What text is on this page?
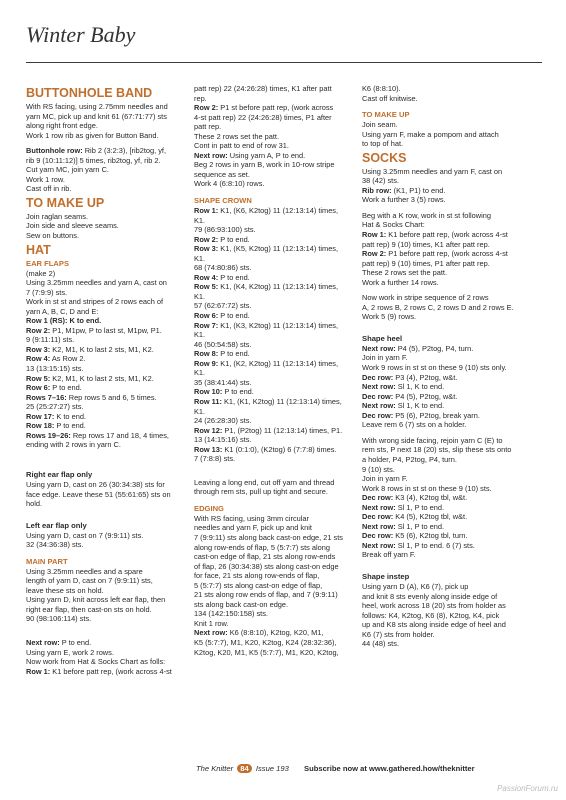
Winter Baby
BUTTONHOLE BAND
With RS facing, using 2.75mm needles and
yarn MC, pick up and knit 61 (67:71:77) sts
along right front edge.
Work 1 row rib as given for Button Band.
Buttonhole row: Rib 2 (3:2:3), [rib2tog, yf,
rib 9 (10:11:12)] 5 times, rib2tog, yf, rib 2.
Cut yarn MC, join yarn C.
Work 1 row.
Cast off in rib.
TO MAKE UP
Join raglan seams.
Join side and sleeve seams.
Sew on buttons.
HAT
EAR FLAPS
(make 2)
Using 3.25mm needles and yarn A, cast on
7 (7:9:9) sts.
Work in st st and stripes of 2 rows each of
yarn A, B, C, D and E:
Row 1 (RS): K to end.
Row 2: P1, M1pw, P to last st, M1pw, P1.
9 (9:11:11) sts.
Row 3: K2, M1, K to last 2 sts, M1, K2.
Row 4: As Row 2.
13 (13:15:15) sts.
Row 5: K2, M1, K to last 2 sts, M1, K2.
Row 6: P to end.
Rows 7–16: Rep rows 5 and 6, 5 times.
25 (25:27:27) sts.
Row 17: K to end.
Row 18: P to end.
Rows 19–26: Rep rows 17 and 18, 4 times,
ending with 2 rows in yarn C.
Right ear flap only
Using yarn D, cast on 26 (30:34:38) sts for
face edge. Leave these 51 (55:61:65) sts on
hold.
Left ear flap only
Using yarn D, cast on 7 (9:9:11) sts.
32 (34:36:38) sts.
MAIN PART
Using 3.25mm needles and a spare
length of yarn D, cast on 7 (9:9:11) sts,
leave these sts on hold.
Using yarn D, knit across left ear flap, then
right ear flap, then cast-on sts on hold.
90 (98:106:114) sts.
Next row: P to end.
Using yarn E, work 2 rows.
Now work from Hat & Socks Chart as folls:
Row 1: K1 before patt rep, (work across 4-st
patt rep) 22 (24:26:28) times, K1 after patt
rep.
Row 2: P1 st before patt rep, (work across
4-st patt rep) 22 (24:26:28) times, P1 after
patt rep.
These 2 rows set the patt.
Cont in patt to end of row 31.
Next row: Using yarn A, P to end.
Beg 2 rows in yarn B, work in 10-row stripe
sequence as set.
Work 4 (6:8:10) rows.
SHAPE CROWN
Row 1: K1, (K6, K2tog) 11 (12:13:14) times,
K1.
79 (86:93:100) sts.
Row 2: P to end.
Row 3: K1, (K5, K2tog) 11 (12:13:14) times,
K1.
68 (74:80:86) sts.
Row 4: P to end.
Row 5: K1, (K4, K2tog) 11 (12:13:14) times,
K1.
57 (62:67:72) sts.
Row 6: P to end.
Row 7: K1, (K3, K2tog) 11 (12:13:14) times,
K1.
46 (50:54:58) sts.
Row 8: P to end.
Row 9: K1, (K2, K2tog) 11 (12:13:14) times,
K1.
35 (38:41:44) sts.
Row 10: P to end.
Row 11: K1, (K1, K2tog) 11 (12:13:14) times,
K1.
24 (26:28:30) sts.
Row 12: P1, (P2tog) 11 (12:13:14) times, P1.
13 (14:15:16) sts.
Row 13: K1 (0:1:0), (K2tog) 6 (7:7:8) times.
7 (7:8:8) sts.
Leaving a long end, cut off yarn and thread
through rem sts, pull up tight and secure.
EDGING
With RS facing, using 3mm circular
needles and yarn F, pick up and knit
7 (9:9:11) sts along back cast-on edge, 21 sts
along row-ends of flap, 5 (5:7:7) sts along
cast-on edge of flap, 21 sts along row-ends
of flap, 26 (30:34:38) sts along cast-on edge
for face, 21 sts along row-ends of flap,
5 (5:7:7) sts along cast-on edge of flap,
21 sts along row ends of flap, and 7 (9:9:11)
sts along back cast-on edge.
134 (142:150:158) sts.
Knit 1 row.
Next row: K6 (8:8:10), K2tog, K20, M1,
K5 (5:7:7), M1, K20, K2tog, K24 (28:32:36),
K2tog, K20, M1, K5 (5:7:7), M1, K20, K2tog,
K6 (8:8:10).
Cast off knitwise.
TO MAKE UP
Join seam.
Using yarn F, make a pompom and attach
to top of hat.
SOCKS
Using 3.25mm needles and yarn F, cast on
38 (42) sts.
Rib row: (K1, P1) to end.
Work a further 3 (5) rows.
Beg with a K row, work in st st following
Hat & Socks Chart:
Row 1: K1 before patt rep, (work across 4-st
patt rep) 9 (10) times, K1 after patt rep.
Row 2: P1 before patt rep, (work across 4-st
patt rep) 9 (10) times, P1 after patt rep.
These 2 rows set the patt.
Work a further 14 rows.
Now work in stripe sequence of 2 rows
A, 2 rows B, 2 rows C, 2 rows D and 2 rows E.
Work 5 (9) rows.
Shape heel
Next row: P4 (5), P2tog, P4, turn.
Join in yarn F.
Work 9 rows in st st on these 9 (10) sts only.
Dec row: P3 (4), P2tog, w&t.
Next row: Sl 1, K to end.
Dec row: P4 (5), P2tog, w&t.
Next row: Sl 1, K to end.
Dec row: P5 (6), P2tog, break yarn.
Leave rem 6 (7) sts on a holder.
With wrong side facing, rejoin yarn C (E) to
rem sts, P next 18 (20) sts, slip these sts onto
a holder, P4, P2tog, P4, turn.
9 (10) sts.
Join in yarn F.
Work 8 rows in st st on these 9 (10) sts.
Dec row: K3 (4), K2tog tbl, w&t.
Next row: Sl 1, P to end.
Dec row: K4 (5), K2tog tbl, w&t.
Next row: Sl 1, P to end.
Dec row: K5 (6), K2tog tbl, turn.
Next row: Sl 1, P to end. 6 (7) sts.
Break off yarn F.
Shape instep
Using yarn D (A), K6 (7), pick up
and knit 8 sts evenly along inside edge of
heel, work across 18 (20) sts from holder as
follows: K4, K2tog, K6 (8), K2tog, K4, pick
up and K8 sts along inside edge of heel and
K6 (7) sts from holder.
44 (48) sts.
The Knitter 84 Issue 193 Subscribe now at www.gathered.how/theknitter
PassionForum.ru
